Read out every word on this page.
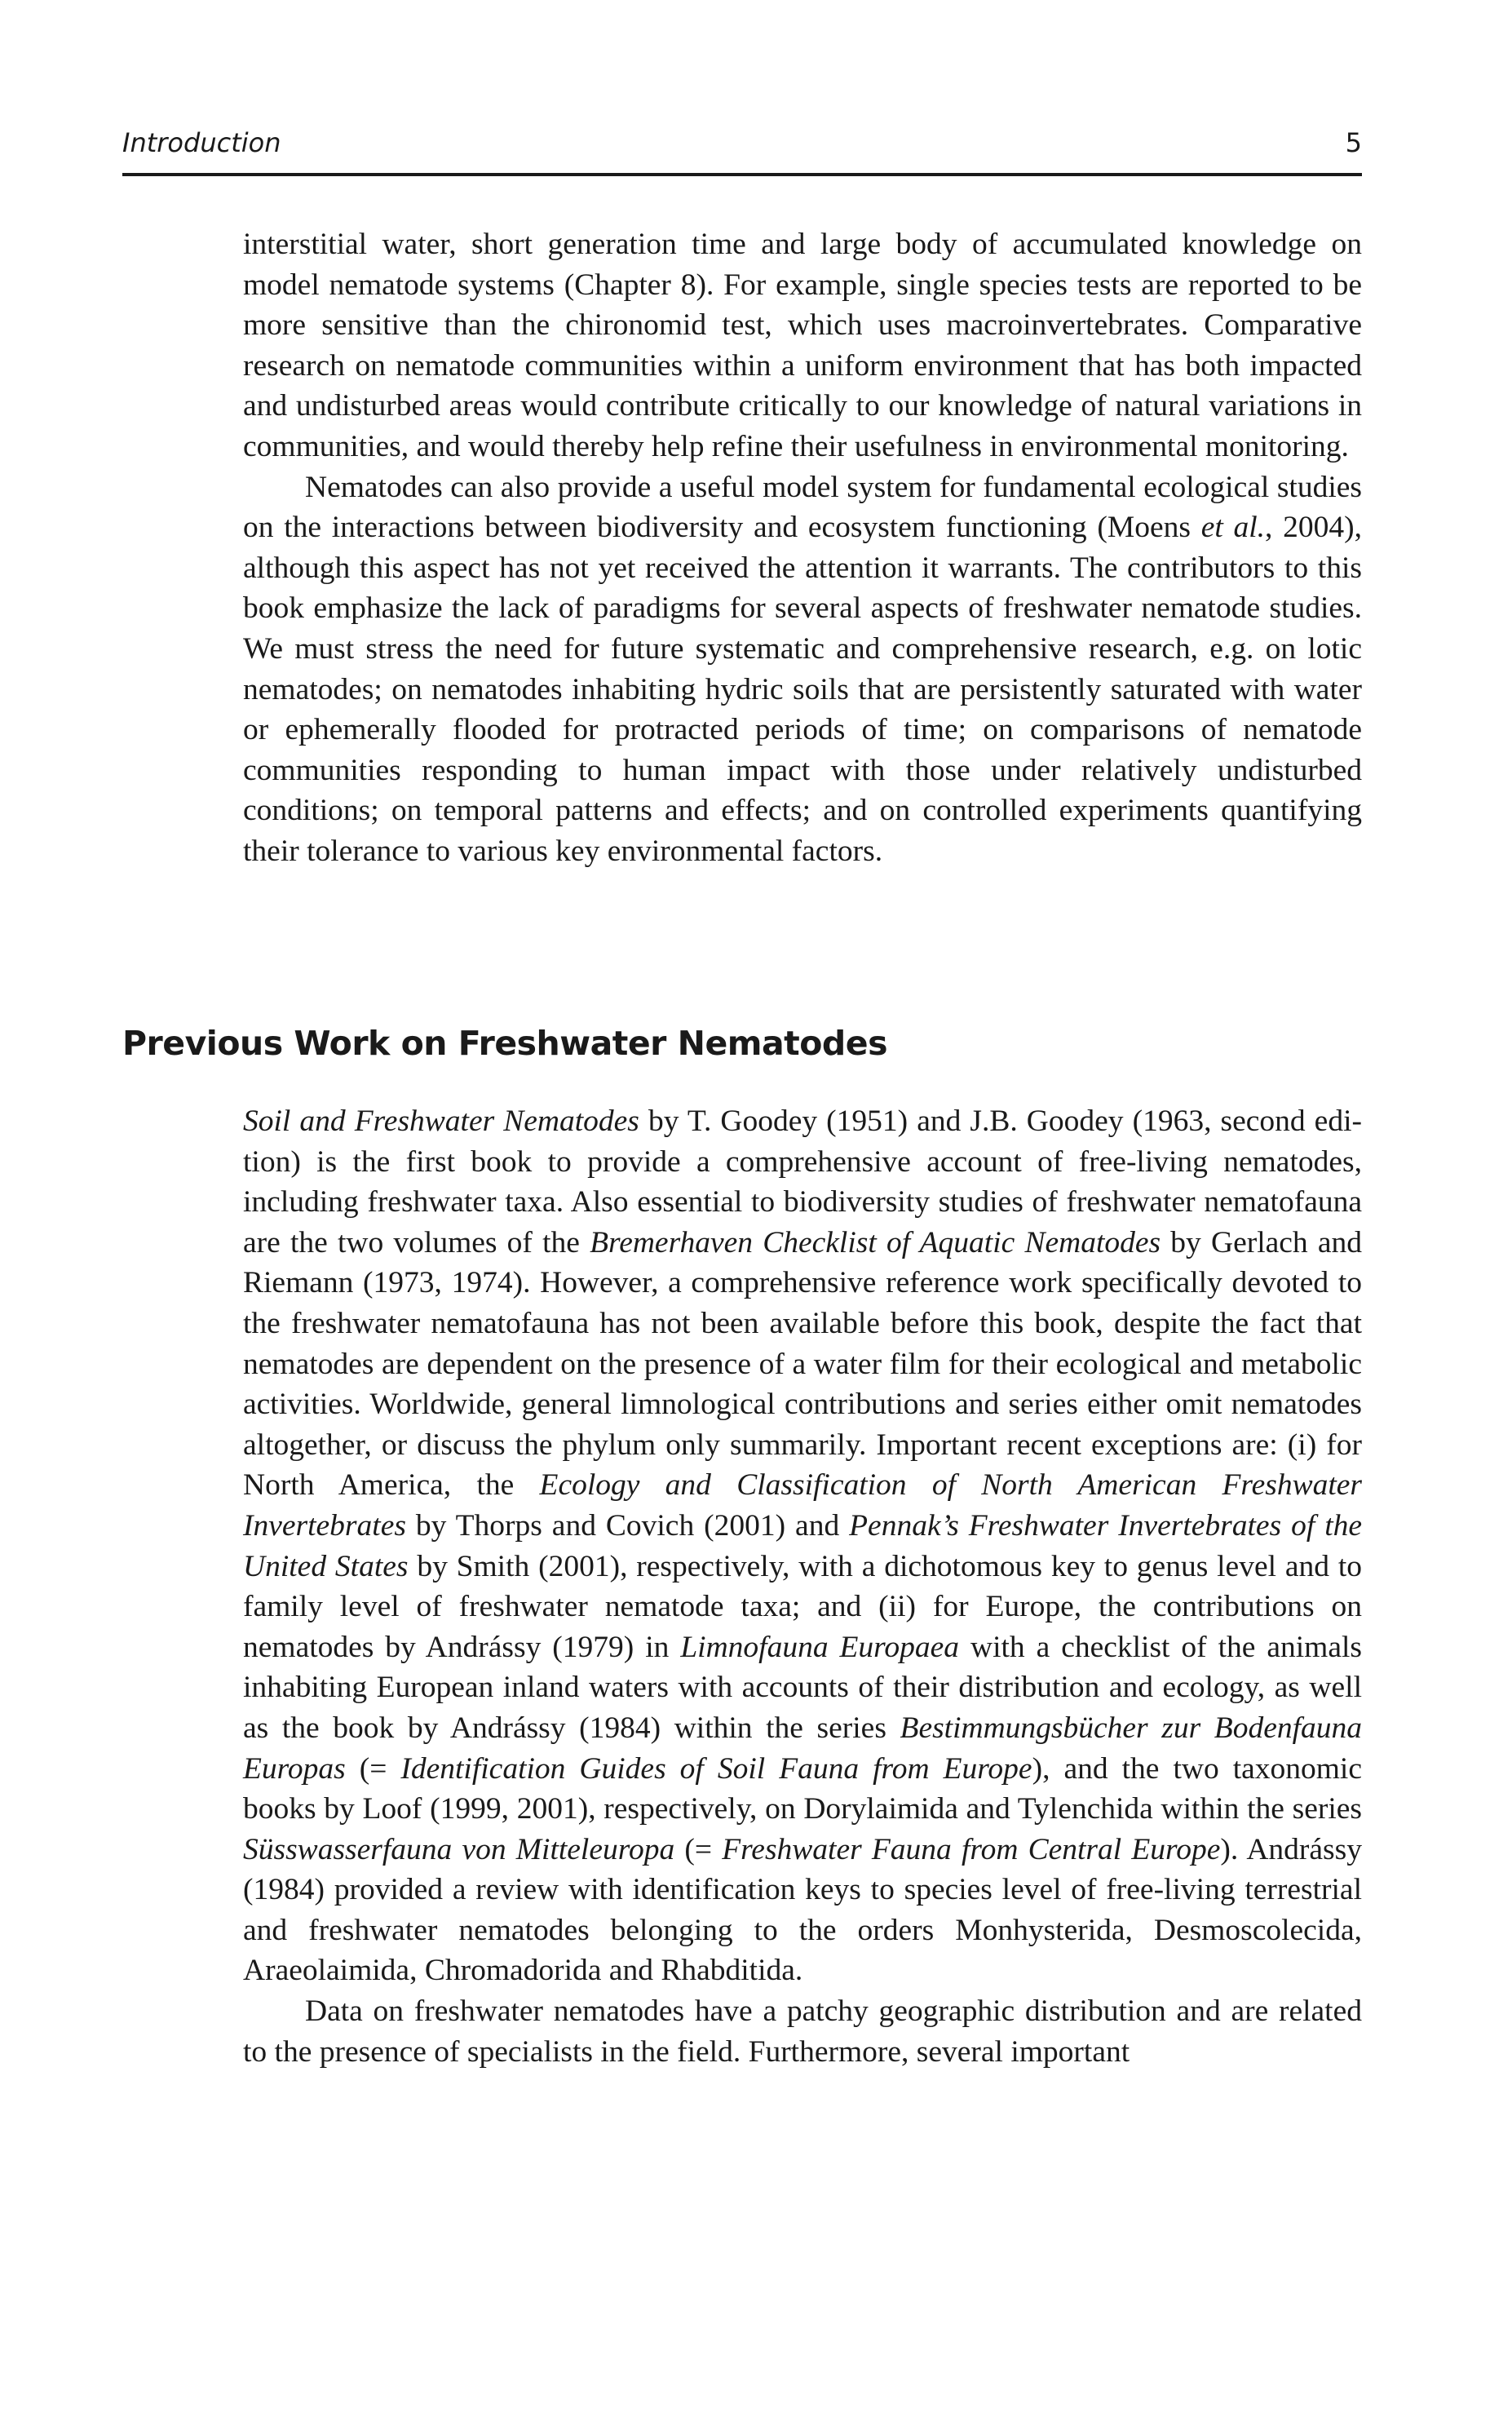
Introduction	5

interstitial water, short generation time and large body of accumulated knowledge on model nematode systems (Chapter 8). For example, single species tests are reported to be more sensitive than the chironomid test, which uses macroinvertebrates. Comparative research on nematode communities within a uniform environment that has both impacted and undisturbed areas would contribute critically to our knowledge of natural variations in communities, and would thereby help refine their usefulness in environmental monitoring.

Nematodes can also provide a useful model system for fundamental ecological studies on the interactions between biodiversity and ecosystem functioning (Moens et al., 2004), although this aspect has not yet received the attention it warrants. The contributors to this book emphasize the lack of paradigms for several aspects of freshwater nematode studies. We must stress the need for future systematic and comprehensive research, e.g. on lotic nematodes; on nematodes inhabiting hydric soils that are persistently saturated with water or ephemerally flooded for protracted periods of time; on comparisons of nematode communities responding to human impact with those under relatively undisturbed conditions; on temporal patterns and effects; and on controlled experiments quantifying their tolerance to various key environmental factors.

Previous Work on Freshwater Nematodes

Soil and Freshwater Nematodes by T. Goodey (1951) and J.B. Goodey (1963, second edition) is the first book to provide a comprehensive account of free-living nematodes, including freshwater taxa. Also essential to biodiversity studies of freshwater nematofauna are the two volumes of the Bremerhaven Checklist of Aquatic Nematodes by Gerlach and Riemann (1973, 1974). However, a comprehensive reference work specifically devoted to the freshwater nematofauna has not been available before this book, despite the fact that nematodes are dependent on the presence of a water film for their ecological and metabolic activities. Worldwide, general limnological contributions and series either omit nematodes altogether, or discuss the phylum only summarily. Important recent exceptions are: (i) for North America, the Ecology and Classification of North American Freshwater Invertebrates by Thorps and Covich (2001) and Pennak’s Freshwater Invertebrates of the United States by Smith (2001), respectively, with a dichotomous key to genus level and to family level of freshwater nematode taxa; and (ii) for Europe, the contributions on nematodes by Andrássy (1979) in Limnofauna Europaea with a checklist of the animals inhabiting European inland waters with accounts of their distribution and ecology, as well as the book by Andrássy (1984) within the series Bestimmungsbücher zur Bodenfauna Europas (= Identification Guides of Soil Fauna from Europe), and the two taxonomic books by Loof (1999, 2001), respectively, on Dorylaimida and Tylenchida within the series Süsswasserfauna von Mitteleuropa (= Freshwater Fauna from Central Europe). Andrássy (1984) provided a review with identification keys to species level of free-living terrestrial and freshwater nematodes belonging to the orders Monhysterida, Desmoscolecida, Araeolaimida, Chromadorida and Rhabditida.

Data on freshwater nematodes have a patchy geographic distribution and are related to the presence of specialists in the field. Furthermore, several important
